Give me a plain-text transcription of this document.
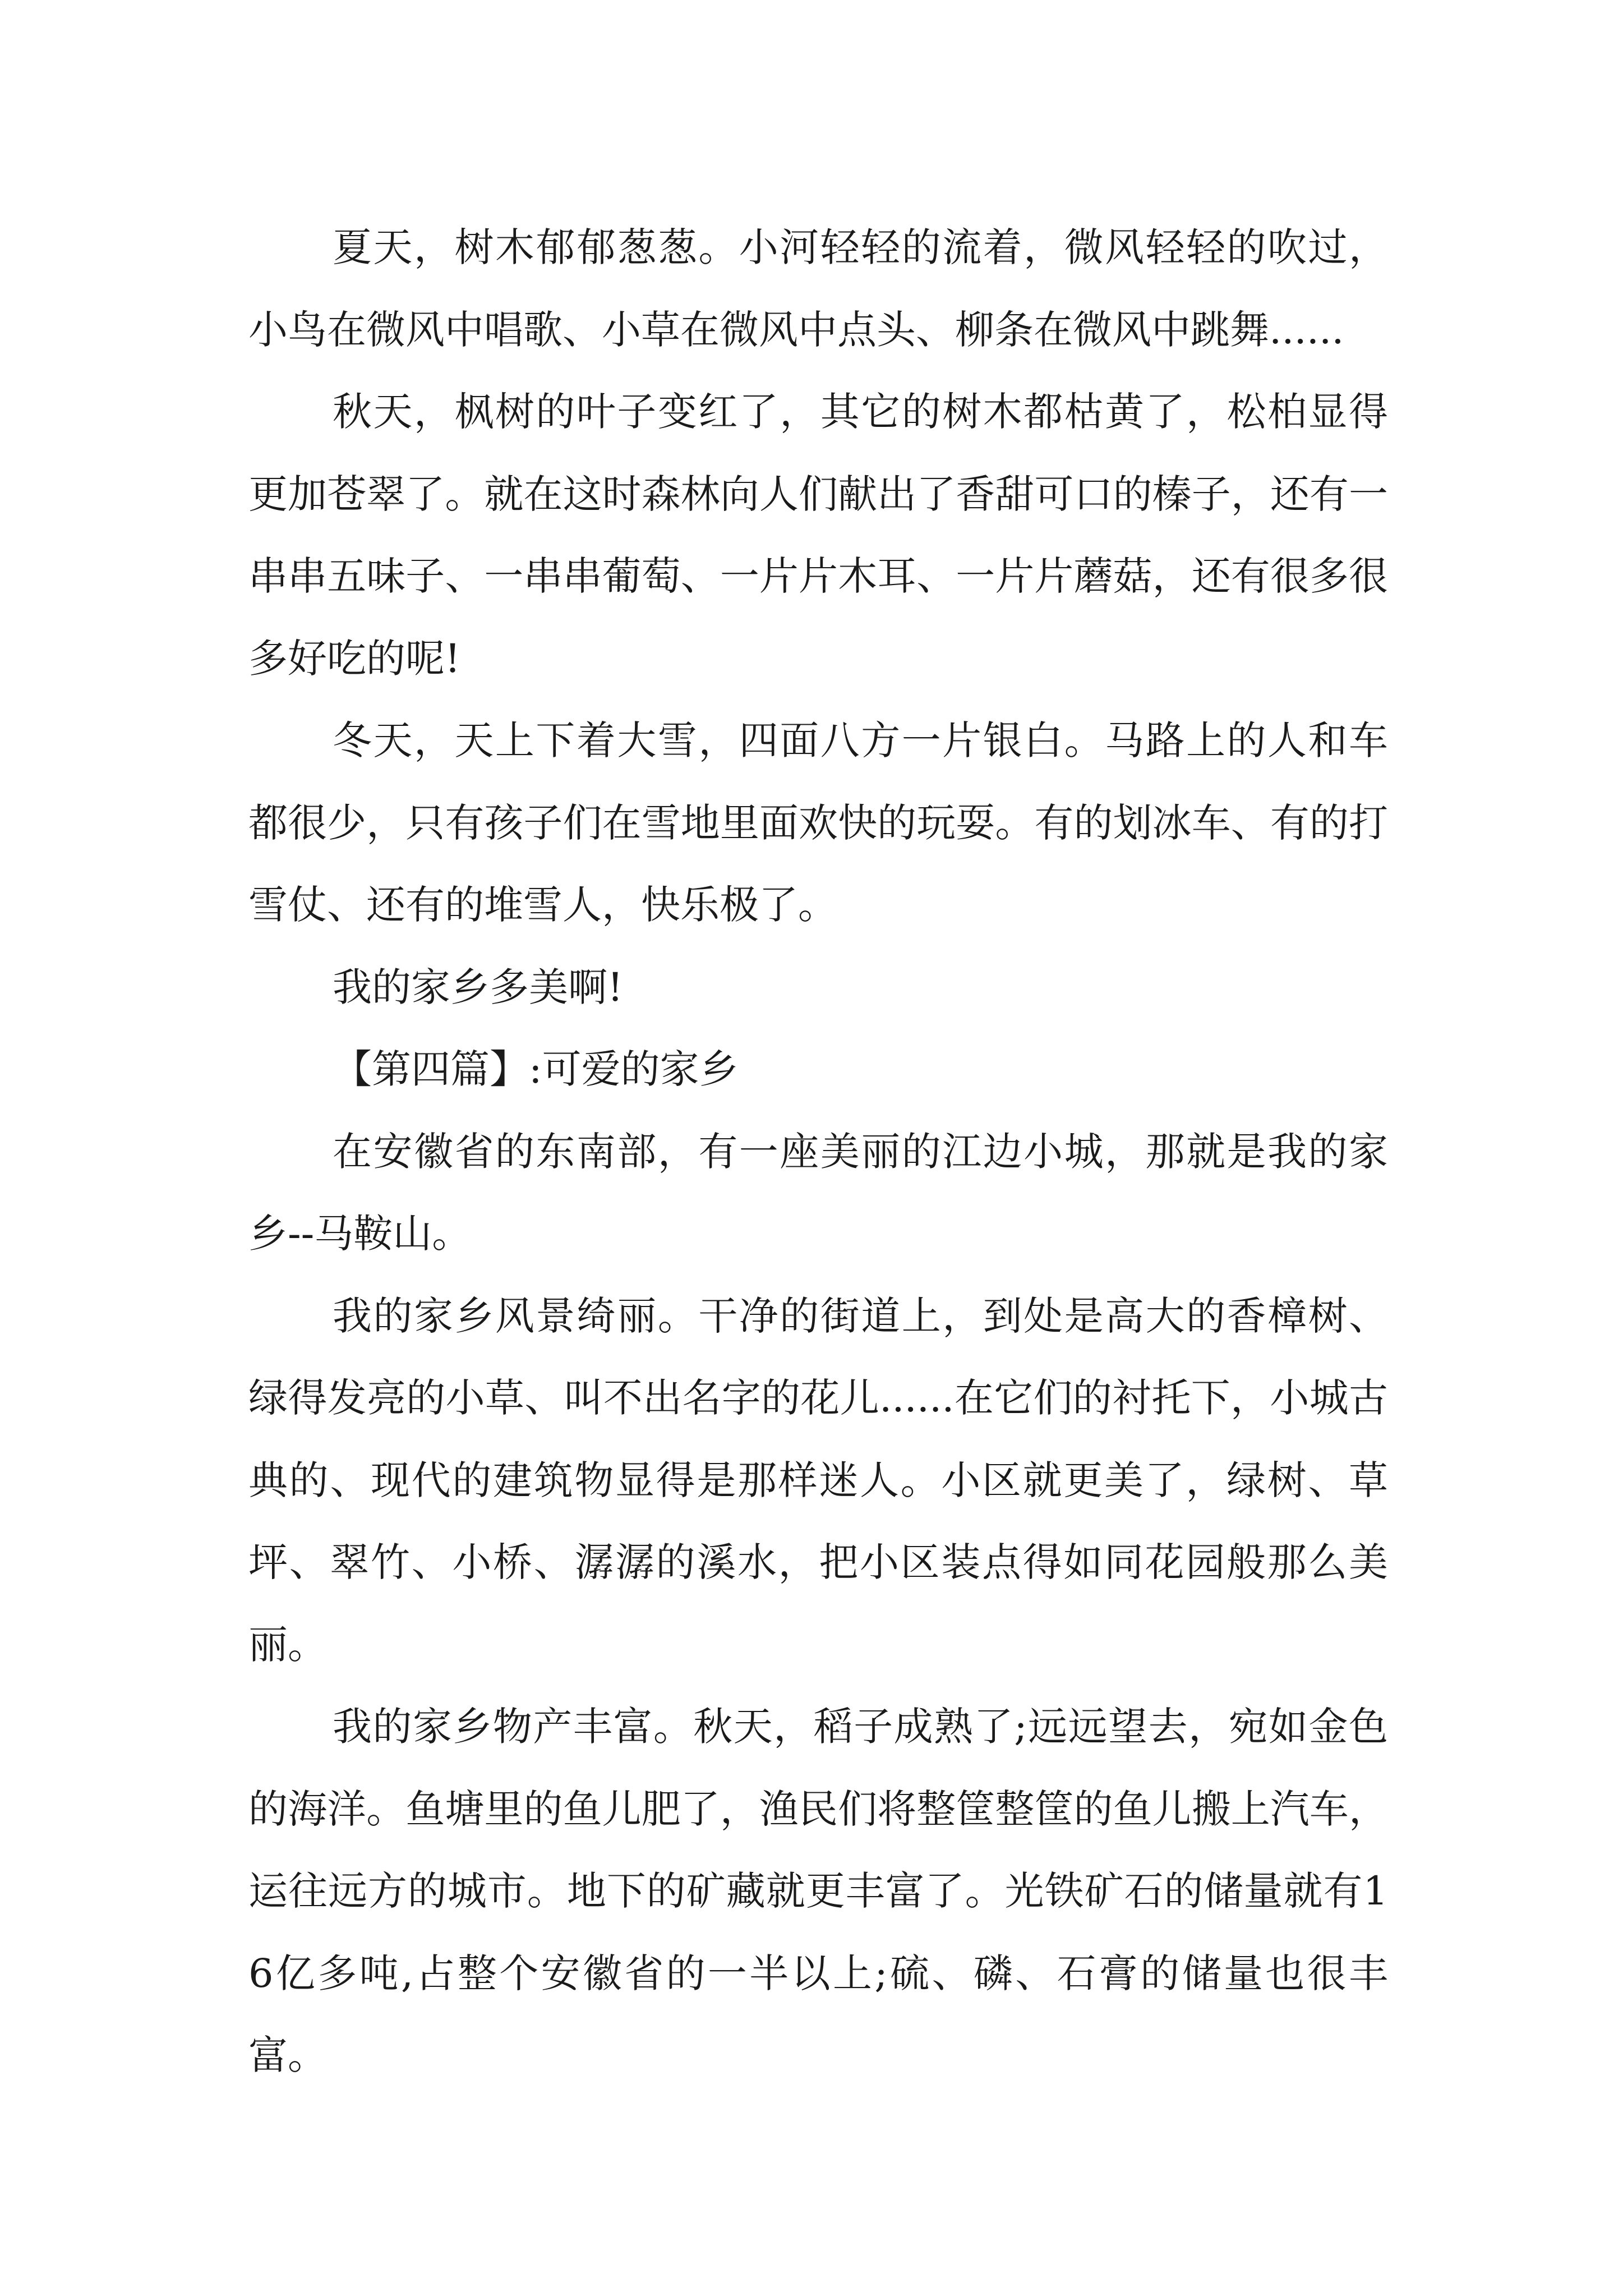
夏天，树木郁郁葱葱。小河轻轻的流着，微风轻轻的吹过，小鸟在微风中唱歌、小草在微风中点头、柳条在微风中跳舞......

秋天，枫树的叶子变红了，其它的树木都枯黄了，松柏显得更加苍翠了。就在这时森林向人们献出了香甜可口的榛子，还有一串串五味子、一串串葡萄、一片片木耳、一片片蘑菇，还有很多很多好吃的呢!

冬天，天上下着大雪，四面八方一片银白。马路上的人和车都很少，只有孩子们在雪地里面欢快的玩耍。有的划冰车、有的打雪仗、还有的堆雪人，快乐极了。

我的家乡多美啊!

【第四篇】:可爱的家乡

在安徽省的东南部，有一座美丽的江边小城，那就是我的家乡--马鞍山。

我的家乡风景绮丽。干净的街道上，到处是高大的香樟树、绿得发亮的小草、叫不出名字的花儿......在它们的衬托下，小城古典的、现代的建筑物显得是那样迷人。小区就更美了，绿树、草坪、翠竹、小桥、潺潺的溪水，把小区装点得如同花园般那么美丽。

我的家乡物产丰富。秋天，稻子成熟了;远远望去，宛如金色的海洋。鱼塘里的鱼儿肥了，渔民们将整筐整筐的鱼儿搬上汽车，运往远方的城市。地下的矿藏就更丰富了。光铁矿石的储量就有16亿多吨,占整个安徽省的一半以上;硫、磷、石膏的储量也很丰富。
